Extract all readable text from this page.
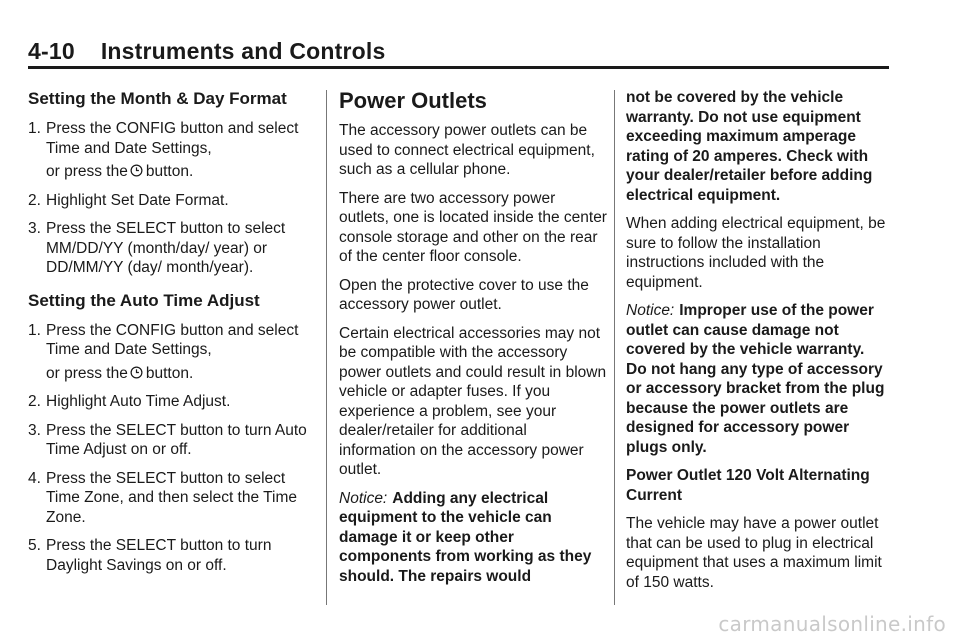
4-10 Instruments and Controls
Setting the Month & Day Format
1. Press the CONFIG button and select Time and Date Settings,
or press the button.
2. Highlight Set Date Format.
3. Press the SELECT button to select MM/DD/YY (month/day/ year) or DD/MM/YY (day/ month/year).
Setting the Auto Time Adjust
1. Press the CONFIG button and select Time and Date Settings,
or press the button.
2. Highlight Auto Time Adjust.
3. Press the SELECT button to turn Auto Time Adjust on or off.
4. Press the SELECT button to select Time Zone, and then select the Time Zone.
5. Press the SELECT button to turn Daylight Savings on or off.
Power Outlets

The accessory power outlets can be used to connect electrical equipment, such as a cellular phone.

There are two accessory power outlets, one is located inside the center console storage and other on the rear of the center floor console.

Open the protective cover to use the accessory power outlet.

Certain electrical accessories may not be compatible with the accessory power outlets and could result in blown vehicle or adapter fuses. If you experience a problem, see your dealer/retailer for additional information on the accessory power outlet.

Notice: Adding any electrical equipment to the vehicle can damage it or keep other components from working as they should. The repairs would

not be covered by the vehicle warranty. Do not use equipment exceeding maximum amperage rating of 20 amperes. Check with your dealer/retailer before adding electrical equipment.

When adding electrical equipment, be sure to follow the installation instructions included with the equipment.

Notice: Improper use of the power outlet can cause damage not covered by the vehicle warranty. Do not hang any type of accessory or accessory bracket from the plug because the power outlets are designed for accessory power plugs only.

Power Outlet 120 Volt Alternating Current

The vehicle may have a power outlet that can be used to plug in electrical equipment that uses a maximum limit of 150 watts.

carmanualsonline.info
